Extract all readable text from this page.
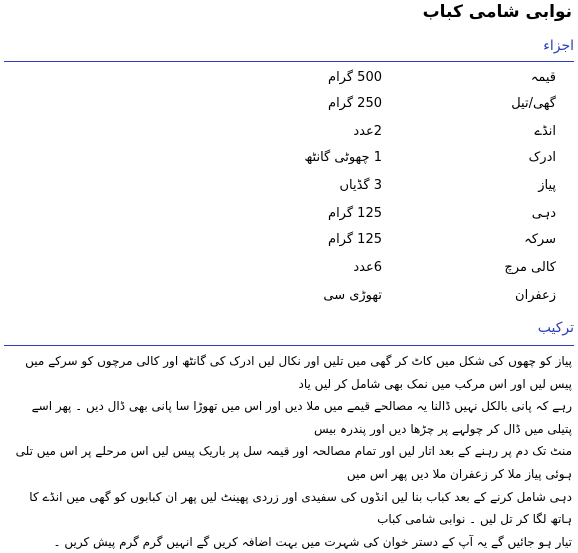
نوابی شامی کباب
اجزاء
قیمہ
500 گرام
گھی/تیل
250 گرام
انڈے
2عدد
ادرک
1 چھوٹی گانٹھ
پیاز
3 گڈیاں
دہی
125 گرام
سرکہ
125 گرام
کالی مرچ
6عدد
زعفران
تھوڑی سی
ترکیب
پیاز کو چھوں کی شکل میں کاٹ کر گھی میں تلیں اور نکال لیں ادرک کی گانٹھ اور کالی مرچوں کو سرکے میں پیس لیں اور اس مرکب میں نمک بھی شامل کر لیں یاد
رہے کہ پانی بالکل نہیں ڈالنا یہ مصالحے قیمے میں ملا دیں اور اس میں تھوڑا سا پانی بھی ڈال دیں ۔ پھر اسے پتیلی میں ڈال کر چولہے پر چڑھا دیں اور پندرہ بیس
منٹ تک دم پر رہنے کے بعد اتار لیں اور تمام مصالحہ اور قیمہ سل پر باریک پیس لیں اس مرحلے پر اس میں تلی ہوئی پیاز ملا کر زعفران ملا دیں پھر اس میں
دہی شامل کرنے کے بعد کباب بنا لیں انڈوں کی سفیدی اور زردی پھینٹ لیں پھر ان کبابوں کو گھی میں انڈے کا ہاتھ لگا کر تل لیں ۔ نوابی شامی کباب
تیار ہو جائیں گے یہ آپ کے دستر خوان کی شہرت میں بہت اضافہ کریں گے انہیں گرم گرم پیش کریں ۔
